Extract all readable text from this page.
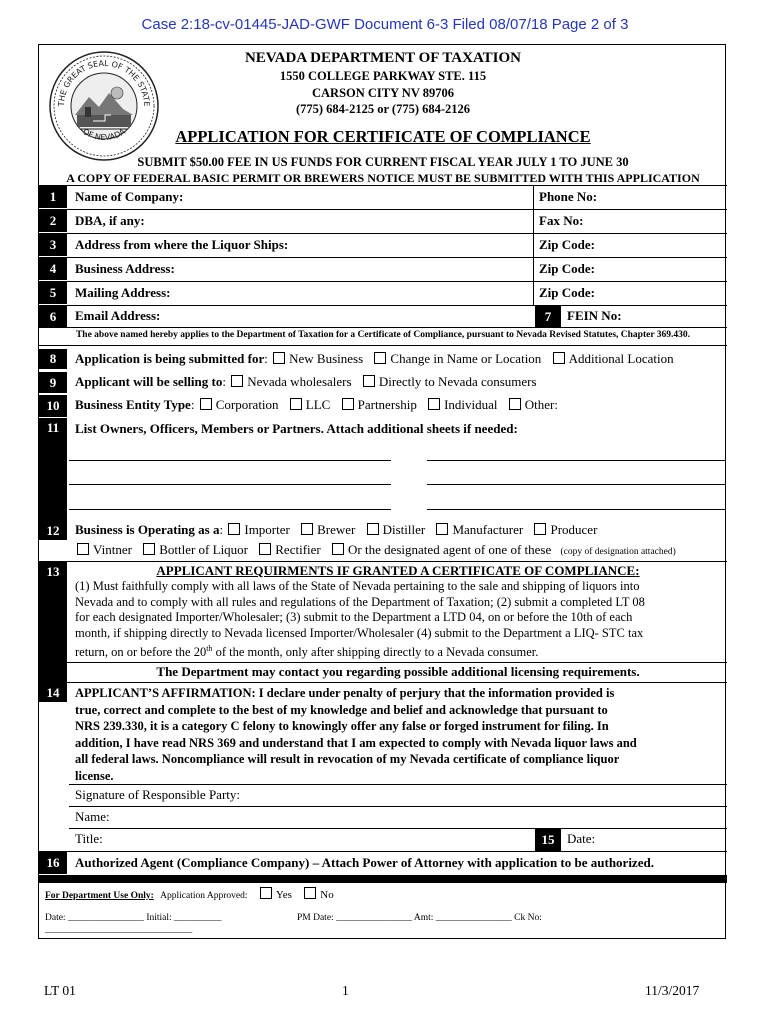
Case 2:18-cv-01445-JAD-GWF Document 6-3 Filed 08/07/18 Page 2 of 3
THE GREAT SEAL OF THE STATE
OF NEVADA
NEVADA DEPARTMENT OF TAXATION
1550 COLLEGE PARKWAY STE. 115
CARSON CITY NV 89706
(775) 684-2125 or (775) 684-2126
APPLICATION FOR CERTIFICATE OF COMPLIANCE
SUBMIT $50.00 FEE IN US FUNDS FOR CURRENT FISCAL YEAR JULY 1 TO JUNE 30
A COPY OF FEDERAL BASIC PERMIT OR BREWERS NOTICE MUST BE SUBMITTED WITH THIS APPLICATION
1	Name of Company:	Phone No:
2	DBA, if any:	Fax No:
3	Address from where the Liquor Ships:	Zip Code:
4	Business Address:	Zip Code:
5	Mailing Address:	Zip Code:
6	Email Address:	7	FEIN No:
The above named hereby applies to the Department of Taxation for a Certificate of Compliance, pursuant to Nevada Revised Statutes, Chapter 369.430.
8	Application is being submitted for: New Business Change in Name or Location Additional Location
9	Applicant will be selling to: Nevada wholesalers Directly to Nevada consumers
10	Business Entity Type: Corporation LLC Partnership Individual Other:
11	List Owners, Officers, Members or Partners. Attach additional sheets if needed:
12	Business is Operating as a: Importer Brewer Distiller Manufacturer Producer
Vintner Bottler of Liquor Rectifier Or the designated agent of one of these (copy of designation attached)
13	APPLICANT REQUIRMENTS IF GRANTED A CERTIFICATE OF COMPLIANCE:
(1) Must faithfully comply with all laws of the State of Nevada pertaining to the sale and shipping of liquors into
Nevada and to comply with all rules and regulations of the Department of Taxation; (2) submit a completed LT 08
for each designated Importer/Wholesaler; (3) submit to the Department a LTD 04, on or before the 10th of each
month, if shipping directly to Nevada licensed Importer/Wholesaler (4) submit to the Department a LIQ- STC tax
return, on or before the 20th of the month, only after shipping directly to a Nevada consumer.
The Department may contact you regarding possible additional licensing requirements.
14	APPLICANT’S AFFIRMATION: I declare under penalty of perjury that the information provided is
true, correct and complete to the best of my knowledge and belief and acknowledge that pursuant to
NRS 239.330, it is a category C felony to knowingly offer any false or forged instrument for filing. In
addition, I have read NRS 369 and understand that I am expected to comply with Nevada liquor laws and
all federal laws. Noncompliance will result in revocation of my Nevada certificate of compliance liquor
license.
Signature of Responsible Party:
Name:
Title:	15 Date:
16	Authorized Agent (Compliance Company) – Attach Power of Attorney with application to be authorized.
For Department Use Only: Application Approved:	Yes	No
Date: ________________ Initial: __________	PM Date: ________________ Amt: ________________ Ck No:
_______________________________
LT 01	1	11/3/2017
